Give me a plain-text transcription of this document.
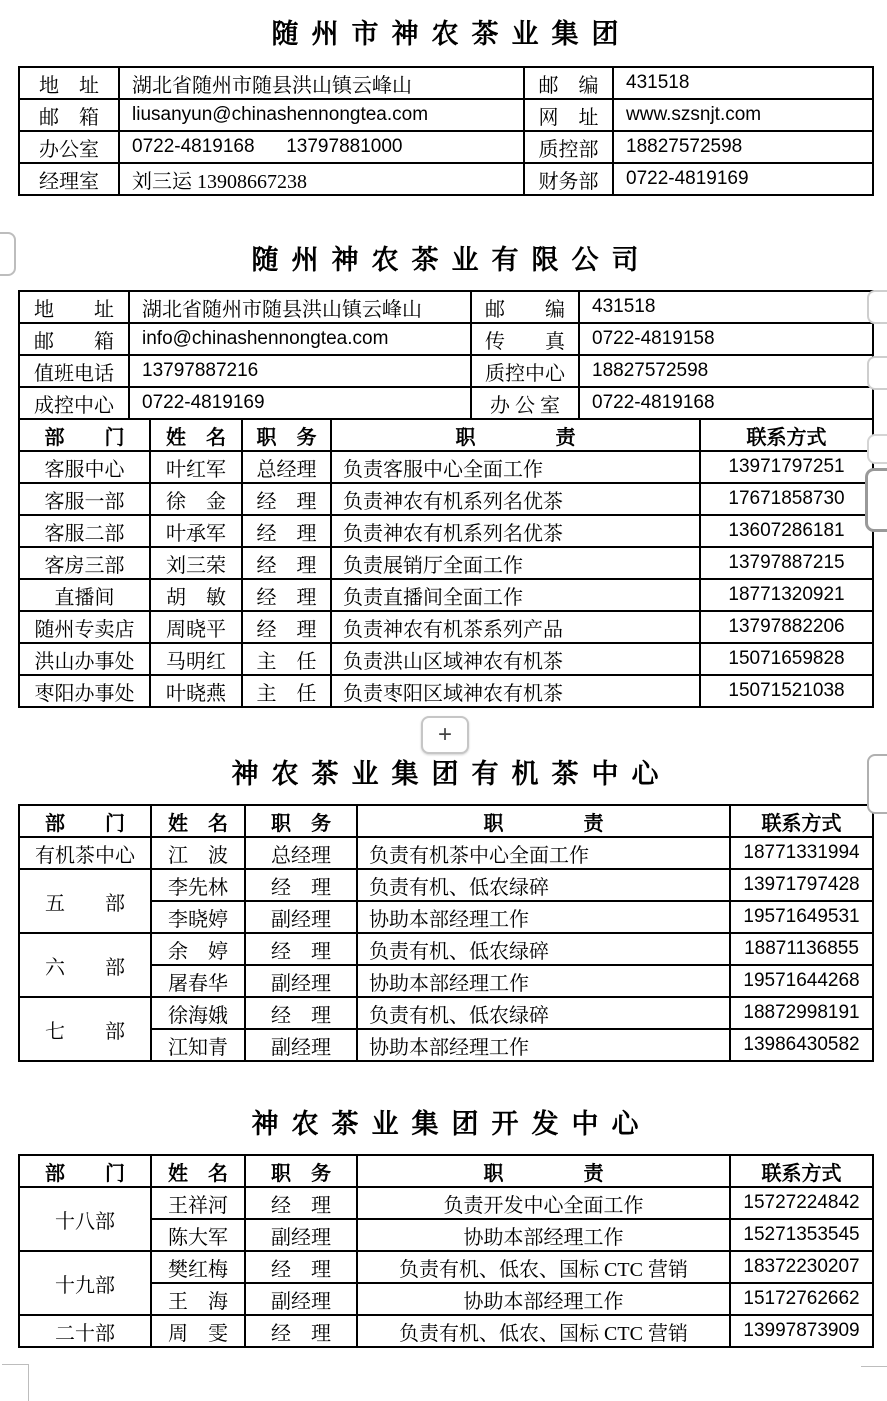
随州市神农茶业集团
地　址	湖北省随州市随县洪山镇云峰山	邮　编	431518
邮　箱	liusanyun@chinashennongtea.com	网　址	www.szsnjt.com
办公室	0722-4819168      13797881000	质控部	18827572598
经理室	刘三运 13908667238	财务部	0722-4819169
随州神农茶业有限公司
地　　址	湖北省随州市随县洪山镇云峰山	邮　　编	431518
邮　　箱	info@chinashennongtea.com	传　　真	0722-4819158
值班电话	13797887216	质控中心	18827572598
成控中心	0722-4819169	办 公 室	0722-4819168
部　　门	姓　名	职　务	职　　　　责	联系方式
客服中心	叶红军	总经理	负责客服中心全面工作	13971797251
客服一部	徐　金	经　理	负责神农有机系列名优茶	17671858730
客服二部	叶承军	经　理	负责神农有机系列名优茶	13607286181
客房三部	刘三荣	经　理	负责展销厅全面工作	13797887215
直播间	胡　敏	经　理	负责直播间全面工作	18771320921
随州专卖店	周晓平	经　理	负责神农有机茶系列产品	13797882206
洪山办事处	马明红	主　任	负责洪山区域神农有机茶	15071659828
枣阳办事处	叶晓燕	主　任	负责枣阳区域神农有机茶	15071521038
+
神农茶业集团有机茶中心
部　　门	姓　名	职　务	职　　　　责	联系方式
有机茶中心	江　波	总经理	负责有机茶中心全面工作	18771331994
五　　部	李先林	经　理	负责有机、低农绿碎	13971797428
	李晓婷	副经理	协助本部经理工作	19571649531
六　　部	余　婷	经　理	负责有机、低农绿碎	18871136855
	屠春华	副经理	协助本部经理工作	19571644268
七　　部	徐海娥	经　理	负责有机、低农绿碎	18872998191
	江知青	副经理	协助本部经理工作	13986430582
神农茶业集团开发中心
部　　门	姓　名	职　务	职　　　　责	联系方式
十八部	王祥河	经　理	负责开发中心全面工作	15727224842
	陈大军	副经理	协助本部经理工作	15271353545
十九部	樊红梅	经　理	负责有机、低农、国标 CTC 营销	18372230207
	王　海	副经理	协助本部经理工作	15172762662
二十部	周　雯	经　理	负责有机、低农、国标 CTC 营销	13997873909
